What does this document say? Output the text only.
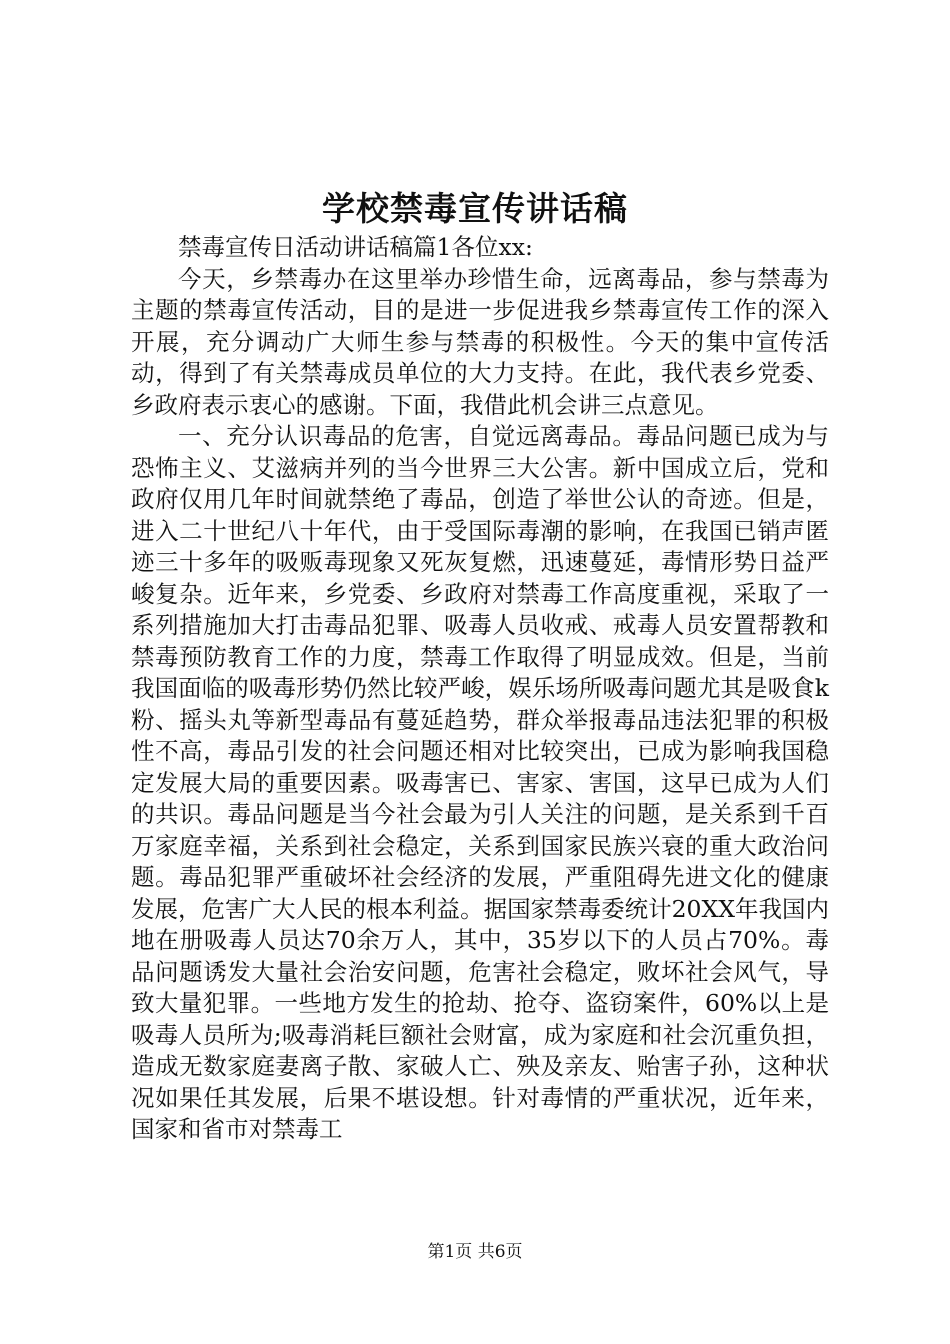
学校禁毒宣传讲话稿

禁毒宣传日活动讲话稿篇1各位xx:

今天，乡禁毒办在这里举办珍惜生命，远离毒品，参与禁毒为主题的禁毒宣传活动，目的是进一步促进我乡禁毒宣传工作的深入开展，充分调动广大师生参与禁毒的积极性。今天的集中宣传活动，得到了有关禁毒成员单位的大力支持。在此，我代表乡党委、乡政府表示衷心的感谢。下面，我借此机会讲三点意见。

一、充分认识毒品的危害，自觉远离毒品。毒品问题已成为与恐怖主义、艾滋病并列的当今世界三大公害。新中国成立后，党和政府仅用几年时间就禁绝了毒品，创造了举世公认的奇迹。但是，进入二十世纪八十年代，由于受国际毒潮的影响，在我国已销声匿迹三十多年的吸贩毒现象又死灰复燃，迅速蔓延，毒情形势日益严峻复杂。近年来，乡党委、乡政府对禁毒工作高度重视，采取了一系列措施加大打击毒品犯罪、吸毒人员收戒、戒毒人员安置帮教和禁毒预防教育工作的力度，禁毒工作取得了明显成效。但是，当前我国面临的吸毒形势仍然比较严峻，娱乐场所吸毒问题尤其是吸食k粉、摇头丸等新型毒品有蔓延趋势，群众举报毒品违法犯罪的积极性不高，毒品引发的社会问题还相对比较突出，已成为影响我国稳定发展大局的重要因素。吸毒害已、害家、害国，这早已成为人们的共识。毒品问题是当今社会最为引人关注的问题，是关系到千百万家庭幸福，关系到社会稳定，关系到国家民族兴衰的重大政治问题。毒品犯罪严重破坏社会经济的发展，严重阻碍先进文化的健康发展，危害广大人民的根本利益。据国家禁毒委统计20XX年我国内地在册吸毒人员达70余万人，其中，35岁以下的人员占70%。毒品问题诱发大量社会治安问题，危害社会稳定，败坏社会风气，导致大量犯罪。一些地方发生的抢劫、抢夺、盗窃案件，60%以上是吸毒人员所为;吸毒消耗巨额社会财富，成为家庭和社会沉重负担，造成无数家庭妻离子散、家破人亡、殃及亲友、贻害子孙，这种状况如果任其发展，后果不堪设想。针对毒情的严重状况，近年来，国家和省市对禁毒工

第1页 共6页
